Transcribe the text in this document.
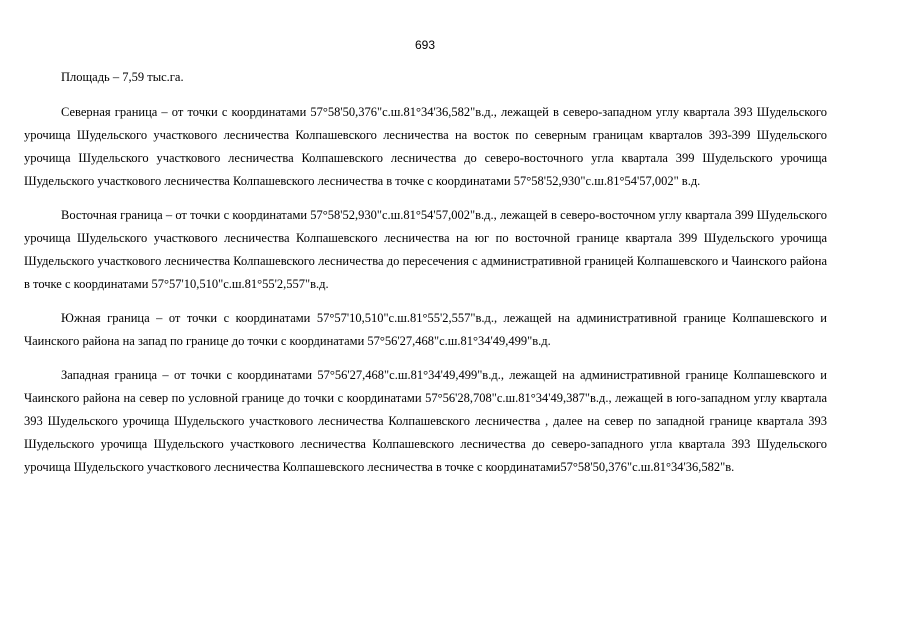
693

Площадь – 7,59 тыс.га.

Северная граница – от точки с координатами 57°58'50,376"с.ш.81°34'36,582"в.д., лежащей в северо-западном углу квартала 393 Шудельского урочища Шудельского участкового лесничества Колпашевского лесничества на восток по северным границам кварталов 393-399 Шудельского урочища Шудельского участкового лесничества Колпашевского лесничества до северо-восточного угла квартала 399 Шудельского урочища Шудельского участкового лесничества Колпашевского лесничества в точке с координатами 57°58'52,930"с.ш.81°54'57,002" в.д.

Восточная граница – от точки с координатами 57°58'52,930"с.ш.81°54'57,002"в.д., лежащей в северо-восточном углу квартала 399 Шудельского урочища Шудельского участкового лесничества Колпашевского лесничества на юг по восточной границе квартала 399 Шудельского урочища Шудельского участкового лесничества Колпашевского лесничества до пересечения с административной границей Колпашевского и Чаинского района в точке с координатами 57°57'10,510"с.ш.81°55'2,557"в.д.

Южная граница – от точки с координатами 57°57'10,510"с.ш.81°55'2,557"в.д., лежащей на административной границе Колпашевского и Чаинского района на запад по границе до точки с координатами 57°56'27,468"с.ш.81°34'49,499"в.д.

Западная граница – от точки с координатами 57°56'27,468"с.ш.81°34'49,499"в.д., лежащей на административной границе Колпашевского и Чаинского района на север по условной границе до точки с координатами 57°56'28,708"с.ш.81°34'49,387"в.д., лежащей в юго-западном углу квартала 393 Шудельского урочища Шудельского участкового лесничества Колпашевского лесничества , далее на север по западной границе квартала 393 Шудельского урочища Шудельского участкового лесничества Колпашевского лесничества до северо-западного угла квартала 393 Шудельского урочища Шудельского участкового лесничества Колпашевского лесничества в точке с координатами57°58'50,376"с.ш.81°34'36,582"в.
